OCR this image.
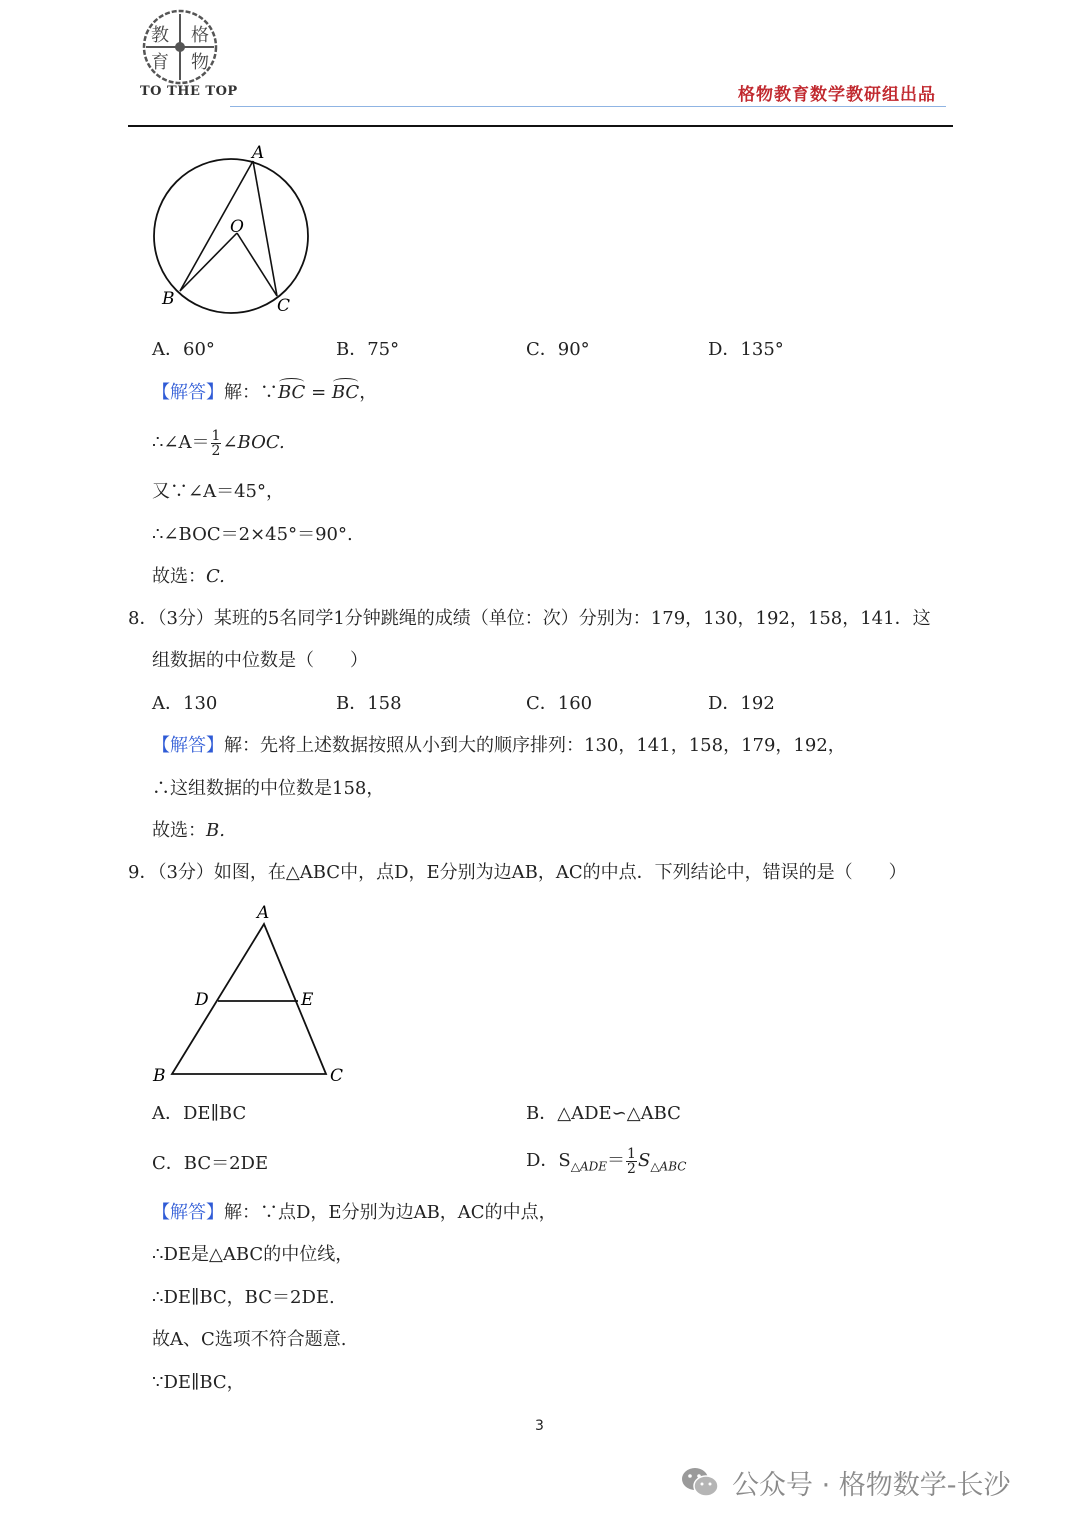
教 格
育 物
TO THE TOP	格物教育数学教研组出品
A
O
B	C
A．60°	B．75°	C．90°	D．135°
【解答】解：∵BC = BC，
∴∠A＝ $\frac{1}{2}$ ∠BOC.
又∵∠A＝45°，
∴∠BOC＝2×45°＝90°.
故选：C.
8．（3分）某班的5名同学1分钟跳绳的成绩（单位：次）分别为：179，130，192，158，141．这
组数据的中位数是（　　）
A．130	B．158	C．160	D．192
【解答】解：先将上述数据按照从小到大的顺序排列：130，141，158，179，192，
∴这组数据的中位数是158，
故选：B.
9．（3分）如图，在△ABC中，点D，E分别为边AB，AC的中点．下列结论中，错误的是（　　）
A
D	E
B	C
A．DE∥BC	B．△ADE∽△ABC
C．BC＝2DE	D．$S_{\triangle ADE}= \frac{1}{2} S_{\triangle ABC}$
【解答】解：∵点D，E分别为边AB，AC的中点，
∴DE是△ABC的中位线，
∴DE∥BC，BC＝2DE.
故A、C选项不符合题意.
∵DE∥BC，
3
公众号 · 格物数学-长沙
